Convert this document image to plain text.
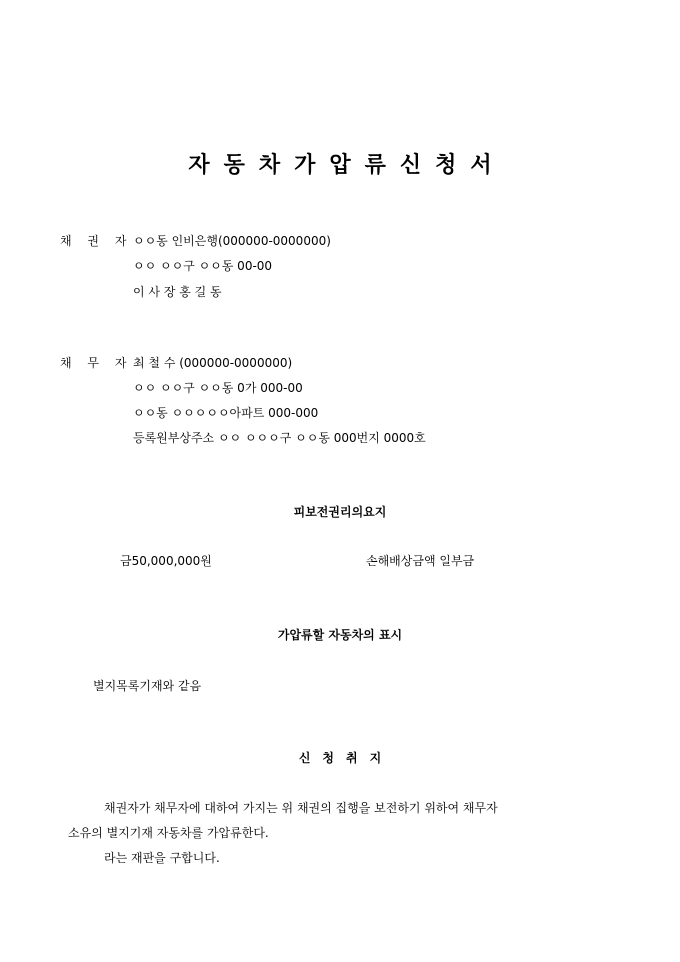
자동차가압류신청서
채 권 자 ㅇㅇ동 인비은행(000000-0000000)
ㅇㅇ ㅇㅇ구 ㅇㅇ동 00-00
이 사 장 홍 길 동
채 무 자 최 철 수 (000000-0000000)
ㅇㅇ ㅇㅇ구 ㅇㅇ동 0가 000-00
ㅇㅇ동 ㅇㅇㅇㅇㅇ아파트 000-000
등록원부상주소 ㅇㅇ ㅇㅇㅇ구 ㅇㅇ동 000번지 0000호
피보전권리의요지
금50,000,000원	손해배상금액 일부금
가압류할 자동차의 표시
별지목록기재와 같음
신청취지
채권자가 채무자에 대하여 가지는 위 채권의 집행을 보전하기 위하여 채무자
소유의 별지기재 자동차를 가압류한다.
라는 재판을 구합니다.
